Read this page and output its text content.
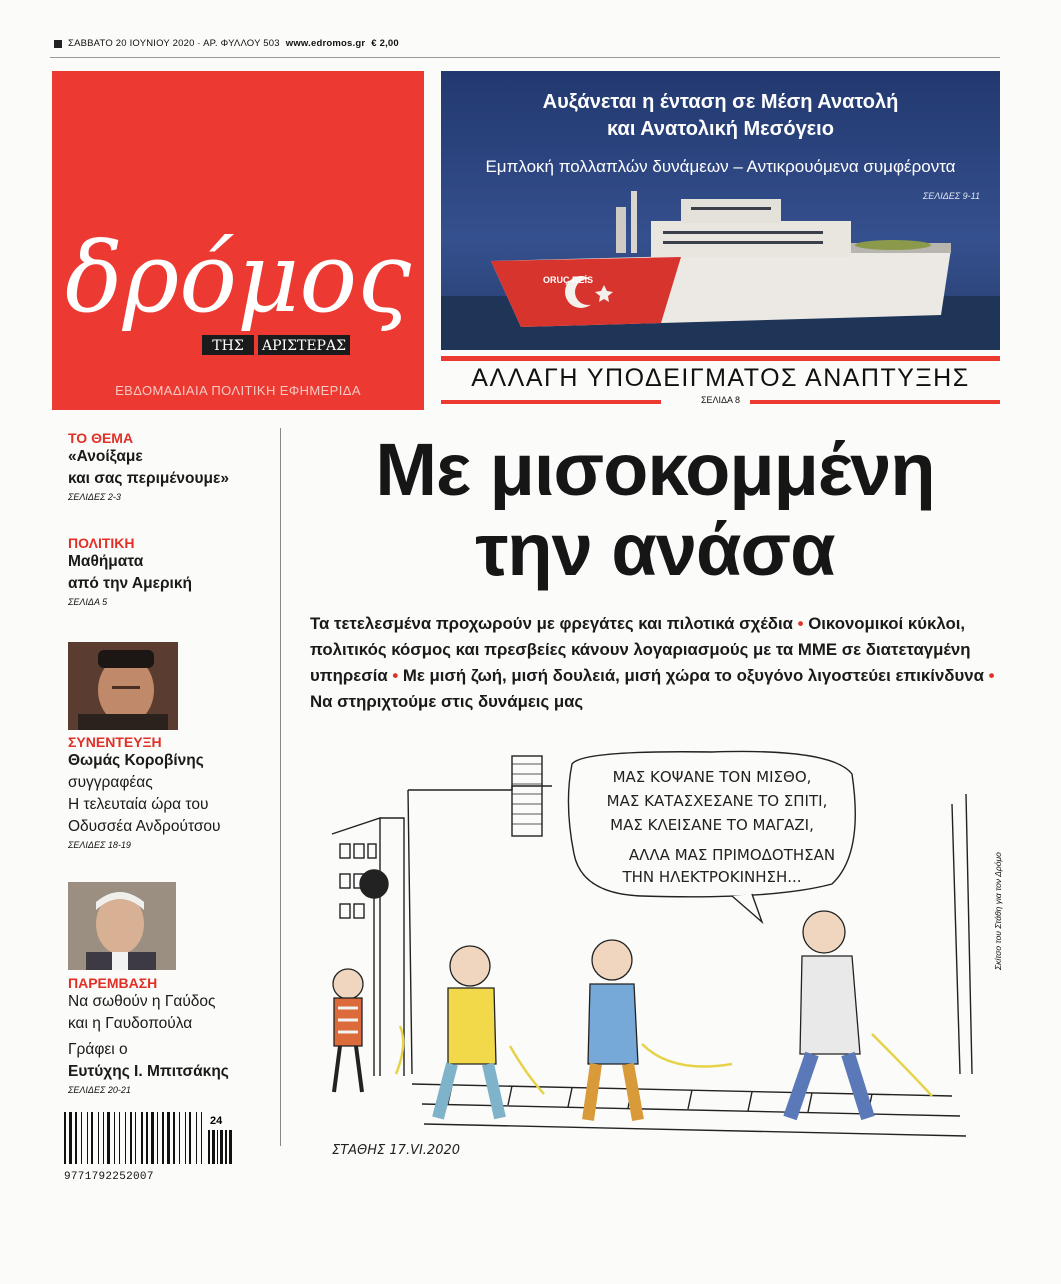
ΣΑΒΒΑΤΟ 20 ΙΟΥΝΙΟΥ 2020 · ΑΡ. ΦΥΛΛΟΥ 503 www.edromos.gr € 2,00
δρόμος
ΤΗΣ ΑΡΙΣΤΕΡΑΣ
ΕΒΔΟΜΑΔΙΑΙΑ ΠΟΛΙΤΙΚΗ ΕΦΗΜΕΡΙΔΑ
ORUÇ REİS
Αυξάνεται η ένταση σε Μέση Ανατολή
και Ανατολική Μεσόγειο
Εμπλοκή πολλαπλών δυνάμεων – Αντικρουόμενα συμφέροντα
ΣΕΛΙΔΕΣ 9-11
ΑΛΛΑΓΗ ΥΠΟΔΕΙΓΜΑΤΟΣ ΑΝΑΠΤΥΞΗΣ
ΣΕΛΙΔΑ 8
ΤΟ ΘΕΜΑ
«Ανοίξαμε
και σας περιμένουμε»
ΣΕΛΙΔΕΣ 2-3
ΠΟΛΙΤΙΚΗ
Μαθήματα
από την Αμερική
ΣΕΛΙΔΑ 5
ΣΥΝΕΝΤΕΥΞΗ
Θωμάς Κοροβίνης
συγγραφέας
Η τελευταία ώρα του
Οδυσσέα Ανδρούτσου
ΣΕΛΙΔΕΣ 18-19
ΠΑΡΕΜΒΑΣΗ
Να σωθούν η Γαύδος
και η Γαυδοπούλα
Γράφει ο
Ευτύχης Ι. Μπιτσάκης
ΣΕΛΙΔΕΣ 20-21
24
9771792252007
Με μισοκομμένη
την ανάσα
Τα τετελεσμένα προχωρούν με φρεγάτες και πιλοτικά σχέδια • Οικονομικοί κύκλοι, πολιτικός κόσμος και πρεσβείες κάνουν λογαριασμούς με τα ΜΜΕ σε διατεταγμένη υπηρεσία • Με μισή ζωή, μισή δουλειά, μισή χώρα το οξυγόνο λιγοστεύει επικίνδυνα • Να στηριχτούμε στις δυνάμεις μας
ΜΑΣ ΚΟΨΑΝΕ ΤΟΝ ΜΙΣΘΟ,
ΜΑΣ ΚΑΤΑΣΧΕΣΑΝΕ ΤΟ ΣΠΙΤΙ,
ΜΑΣ ΚΛΕΙΣΑΝΕ ΤΟ ΜΑΓΑΖΙ,
ΑΛΛΑ ΜΑΣ ΠΡΙΜΟΔΟΤΗΣΑΝ
ΤΗΝ ΗΛΕΚΤΡΟΚΙΝΗΣΗ...
ΣΤΑΘΗΣ 17.VI.2020
Σκίτσο του Στάθη για τον Δρόμο
